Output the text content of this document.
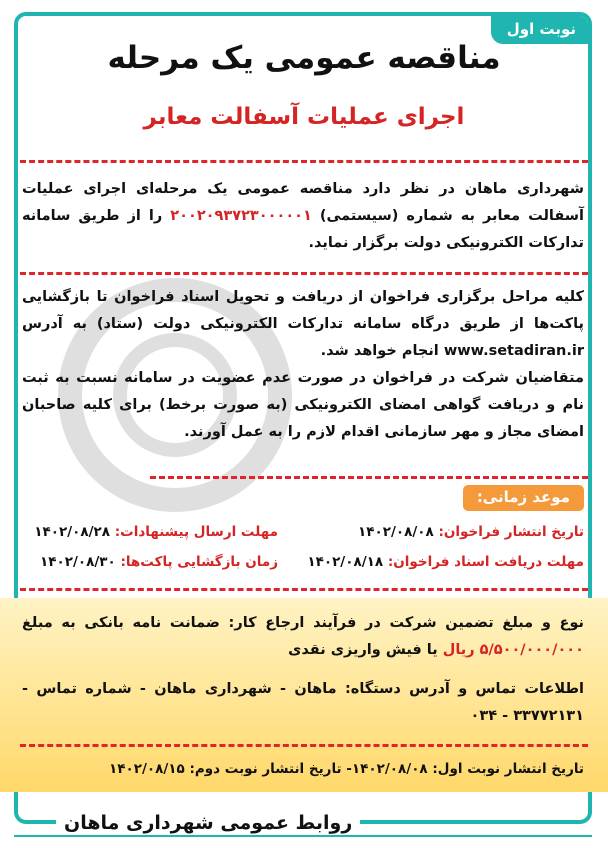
نوبت اول
مناقصه عمومی یک مرحله
اجرای عملیات آسفالت معابر
شهرداری ماهان در نظر دارد مناقصه عمومی یک مرحله‌ای اجرای عملیات آسفالت معابر به شماره (سیستمی) ۲۰۰۲۰۹۳۷۲۳۰۰۰۰۰۱ را از طریق سامانه تدارکات الکترونیکی دولت برگزار نماید.
کلیه مراحل برگزاری فراخوان از دریافت و تحویل اسناد فراخوان تا بازگشایی پاکت‌ها از طریق درگاه سامانه تدارکات الکترونیکی دولت (ستاد) به آدرس www.setadiran.ir انجام خواهد شد.
متقاضیان شرکت در فراخوان در صورت عدم عضویت در سامانه نسبت به ثبت نام و دریافت گواهی امضای الکترونیکی (به صورت برخط) برای کلیه صاحبان امضای مجاز و مهر سازمانی اقدام لازم را به عمل آورند.
موعد زمانی:
تاریخ انتشار فراخوان: ۱۴۰۲/۰۸/۰۸
مهلت ارسال پیشنهادات: ۱۴۰۲/۰۸/۲۸
مهلت دریافت اسناد فراخوان: ۱۴۰۲/۰۸/۱۸
زمان بازگشایی پاکت‌ها: ۱۴۰۲/۰۸/۳۰
نوع و مبلغ تضمین شرکت در فرآیند ارجاع کار: ضمانت نامه بانکی به مبلغ ۵/۵۰۰/۰۰۰/۰۰۰ ریال یا فیش واریزی نقدی
اطلاعات تماس و آدرس دستگاه: ماهان - شهرداری ماهان - شماره تماس - ۳۳۷۷۲۱۳۱ - ۰۳۴
تاریخ انتشار نوبت اول: ۱۴۰۲/۰۸/۰۸- تاریخ انتشار نوبت دوم: ۱۴۰۲/۰۸/۱۵
روابط عمومی شهرداری ماهان
